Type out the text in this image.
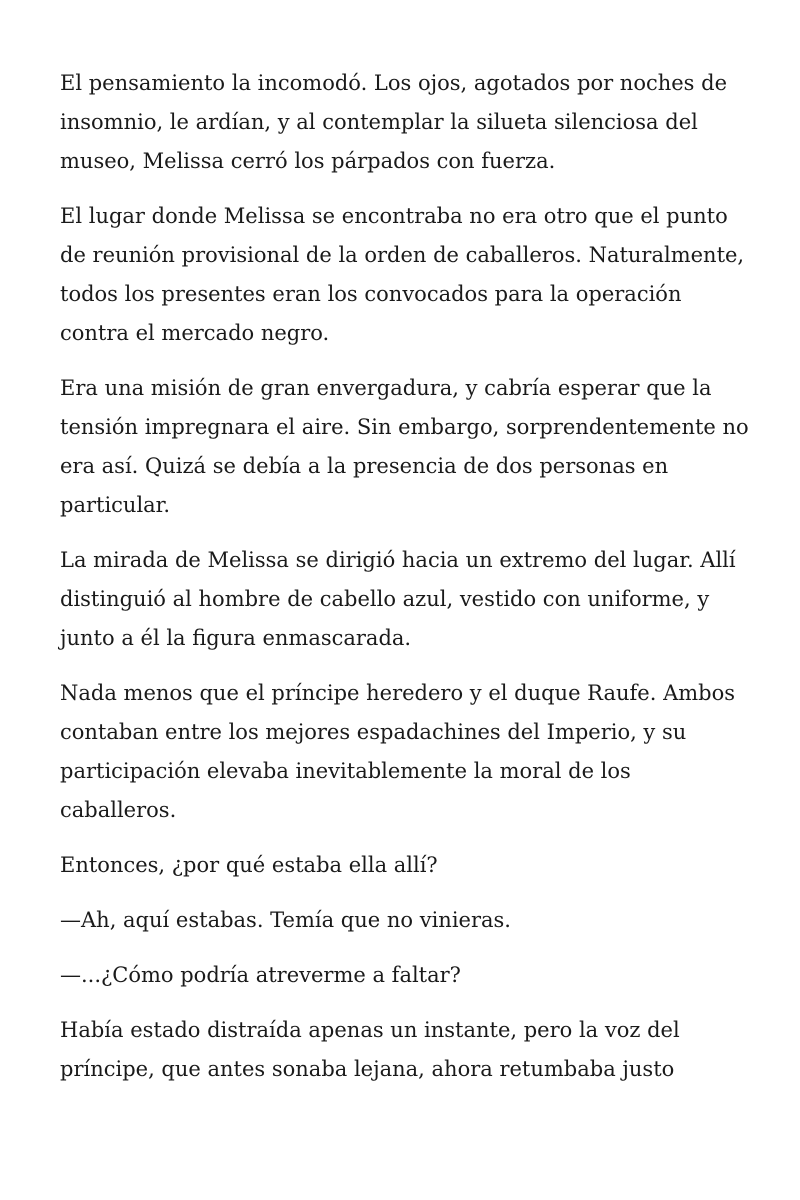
El pensamiento la incomodó. Los ojos, agotados por noches de insomnio, le ardían, y al contemplar la silueta silenciosa del museo, Melissa cerró los párpados con fuerza.

El lugar donde Melissa se encontraba no era otro que el punto de reunión provisional de la orden de caballeros. Naturalmente, todos los presentes eran los convocados para la operación contra el mercado negro.

Era una misión de gran envergadura, y cabría esperar que la tensión impregnara el aire. Sin embargo, sorprendentemente no era así. Quizá se debía a la presencia de dos personas en particular.

La mirada de Melissa se dirigió hacia un extremo del lugar. Allí distinguió al hombre de cabello azul, vestido con uniforme, y junto a él la figura enmascarada.

Nada menos que el príncipe heredero y el duque Raufe. Ambos contaban entre los mejores espadachines del Imperio, y su participación elevaba inevitablemente la moral de los caballeros.

Entonces, ¿por qué estaba ella allí?

—Ah, aquí estabas. Temía que no vinieras.

—...¿Cómo podría atreverme a faltar?

Había estado distraída apenas un instante, pero la voz del príncipe, que antes sonaba lejana, ahora retumbaba justo
